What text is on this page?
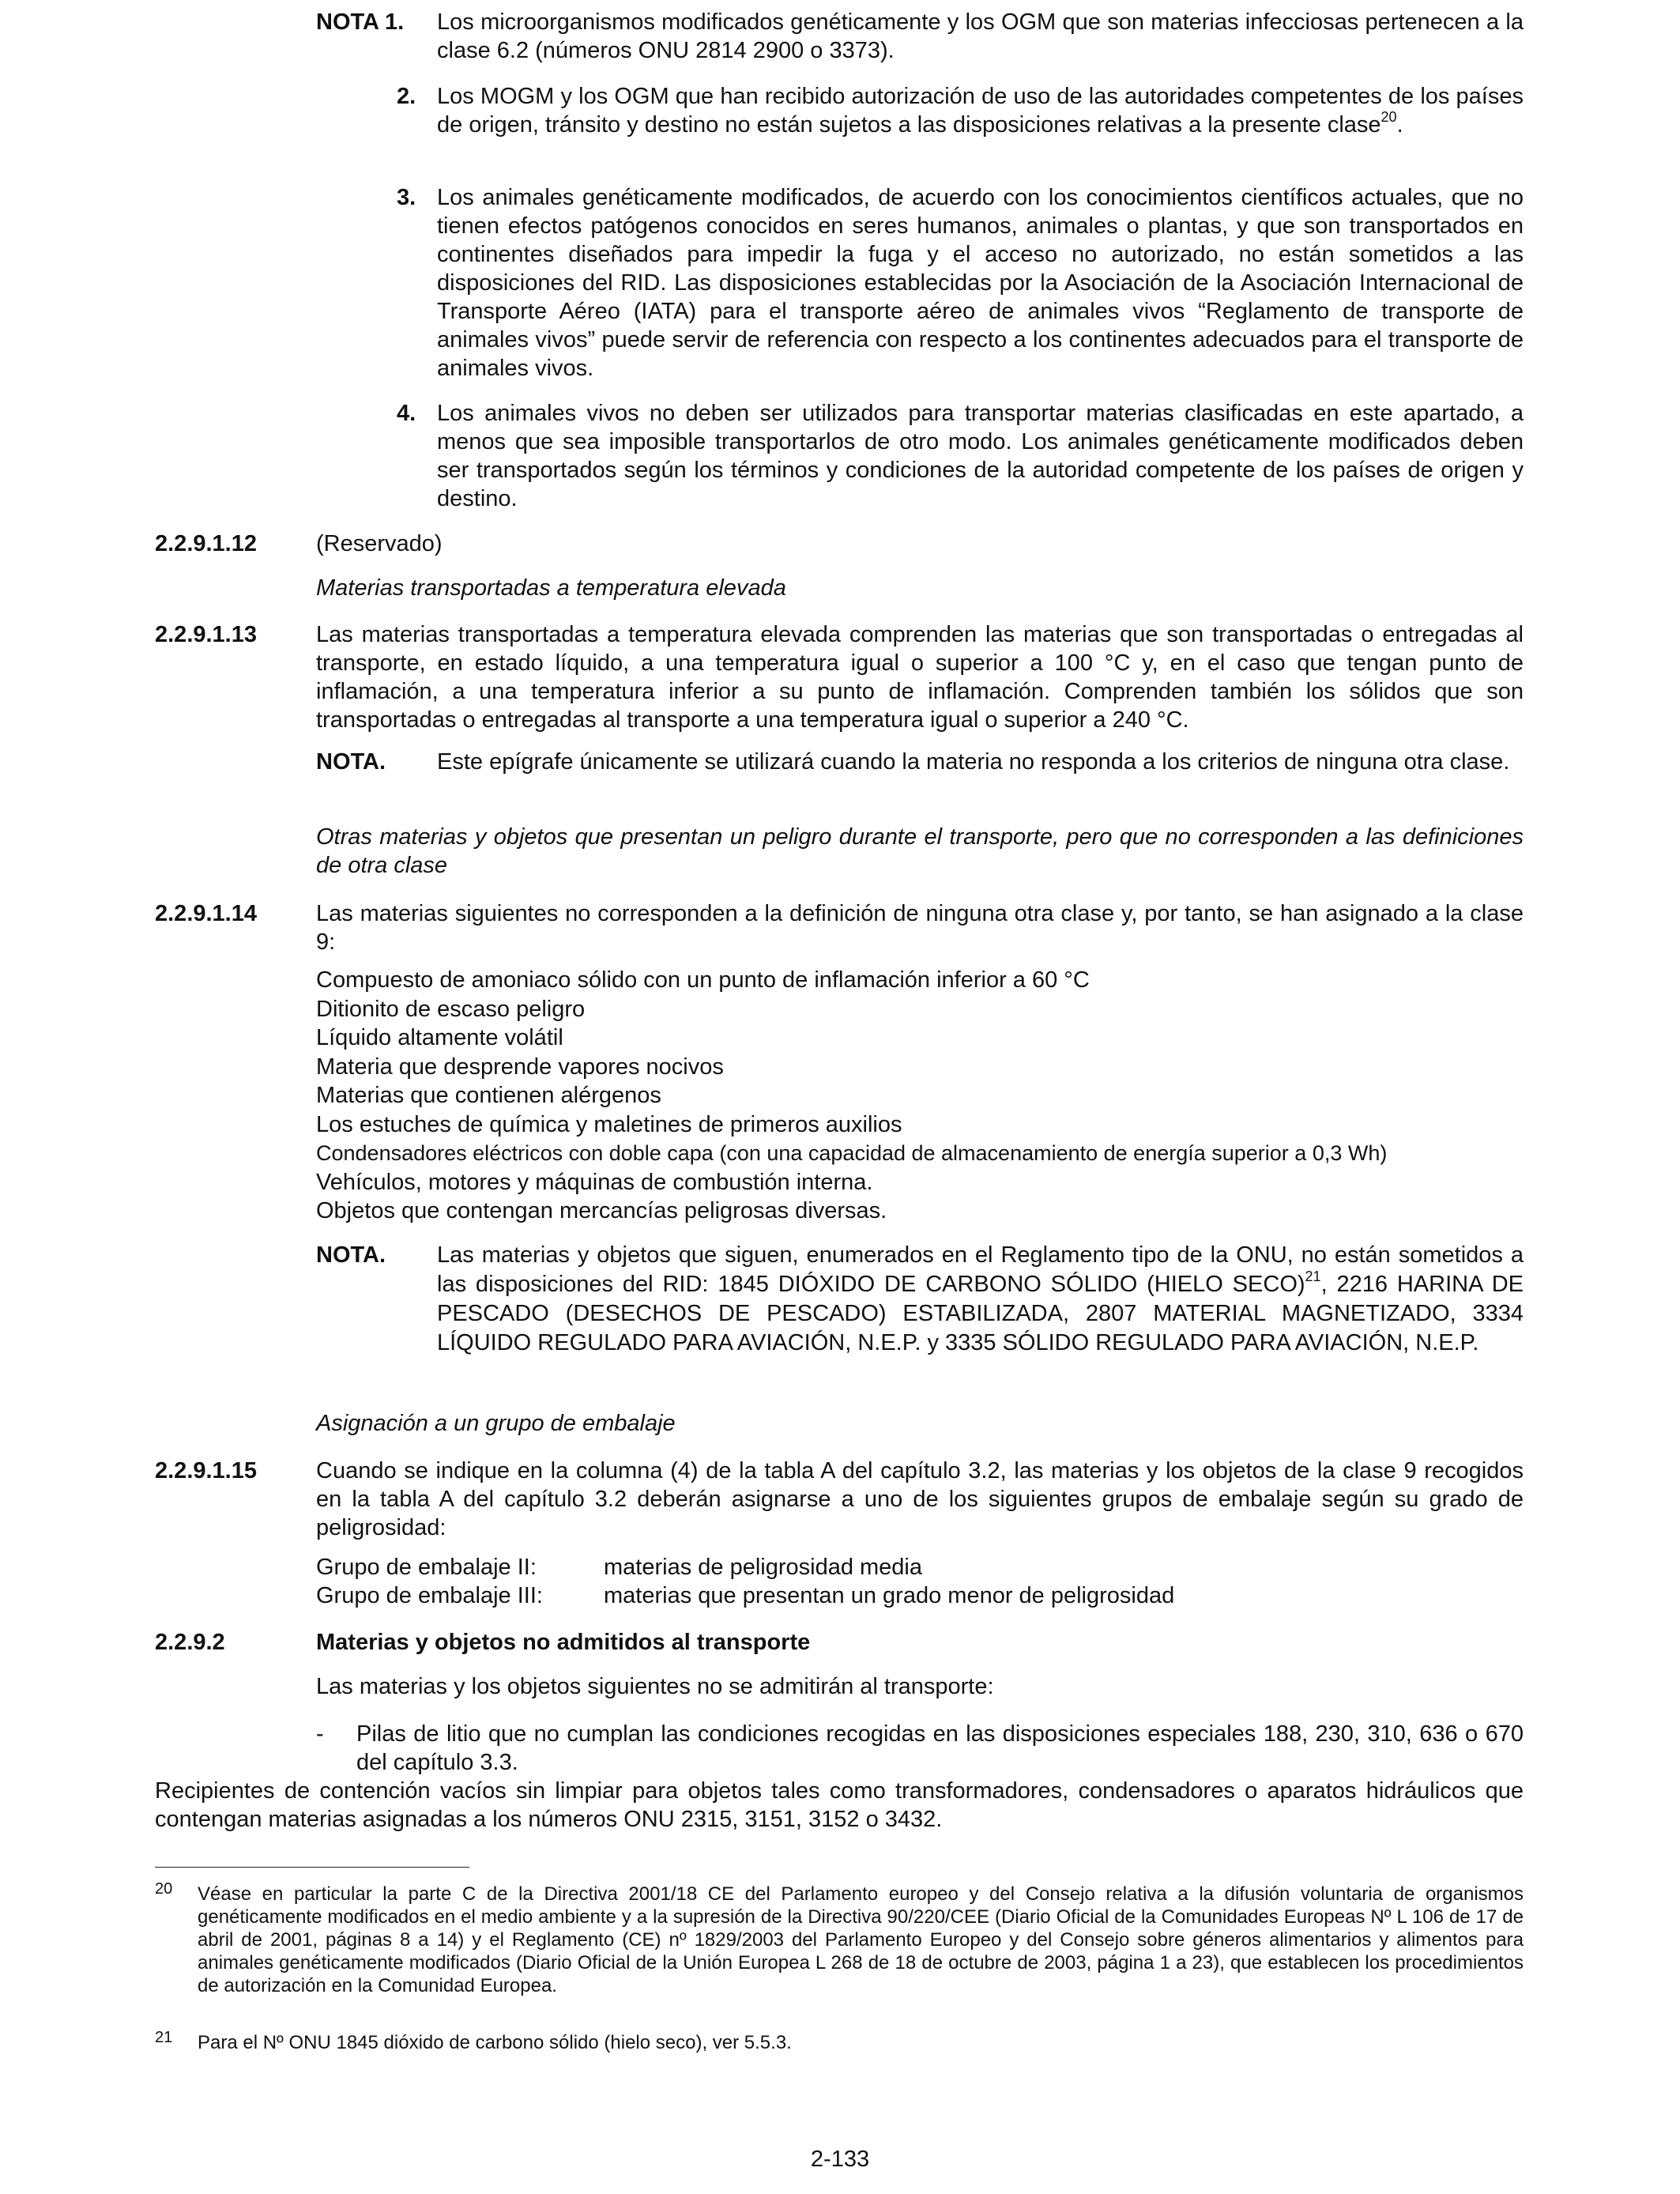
NOTA 1. Los microorganismos modificados genéticamente y los OGM que son materias infecciosas pertenecen a la clase 6.2 (números ONU 2814 2900 o 3373).
2. Los MOGM y los OGM que han recibido autorización de uso de las autoridades competentes de los países de origen, tránsito y destino no están sujetos a las disposiciones relativas a la presente clase$^{20}$.
3. Los animales genéticamente modificados, de acuerdo con los conocimientos científicos actuales, que no tienen efectos patógenos conocidos en seres humanos, animales o plantas, y que son transportados en continentes diseñados para impedir la fuga y el acceso no autorizado, no están sometidos a las disposiciones del RID. Las disposiciones establecidas por la Asociación de la Asociación Internacional de Transporte Aéreo (IATA) para el transporte aéreo de animales vivos “Reglamento de transporte de animales vivos” puede servir de referencia con respecto a los continentes adecuados para el transporte de animales vivos.
4. Los animales vivos no deben ser utilizados para transportar materias clasificadas en este apartado, a menos que sea imposible transportarlos de otro modo. Los animales genéticamente modificados deben ser transportados según los términos y condiciones de la autoridad competente de los países de origen y destino.
2.2.9.1.12	(Reservado)
Materias transportadas a temperatura elevada
2.2.9.1.13	Las materias transportadas a temperatura elevada comprenden las materias que son transportadas o entregadas al transporte, en estado líquido, a una temperatura igual o superior a 100 °C y, en el caso que tengan punto de inflamación, a una temperatura inferior a su punto de inflamación. Comprenden también los sólidos que son transportadas o entregadas al transporte a una temperatura igual o superior a 240 °C.
NOTA. Este epígrafe únicamente se utilizará cuando la materia no responda a los criterios de ninguna otra clase.
Otras materias y objetos que presentan un peligro durante el transporte, pero que no corresponden a las definiciones de otra clase
2.2.9.1.14	Las materias siguientes no corresponden a la definición de ninguna otra clase y, por tanto, se han asignado a la clase 9:
Compuesto de amoniaco sólido con un punto de inflamación inferior a 60 °C
Ditionito de escaso peligro
Líquido altamente volátil
Materia que desprende vapores nocivos
Materias que contienen alérgenos
Los estuches de química y maletines de primeros auxilios
Condensadores eléctricos con doble capa (con una capacidad de almacenamiento de energía superior a 0,3 Wh)
Vehículos, motores y máquinas de combustión interna.
Objetos que contengan mercancías peligrosas diversas.
NOTA. Las materias y objetos que siguen, enumerados en el Reglamento tipo de la ONU, no están sometidos a las disposiciones del RID: 1845 DIÓXIDO DE CARBONO SÓLIDO (HIELO SECO)$^{21}$, 2216 HARINA DE PESCADO (DESECHOS DE PESCADO) ESTABILIZADA, 2807 MATERIAL MAGNETIZADO, 3334 LÍQUIDO REGULADO PARA AVIACIÓN, N.E.P. y 3335 SÓLIDO REGULADO PARA AVIACIÓN, N.E.P.
Asignación a un grupo de embalaje
2.2.9.1.15	Cuando se indique en la columna (4) de la tabla A del capítulo 3.2, las materias y los objetos de la clase 9 recogidos en la tabla A del capítulo 3.2 deberán asignarse a uno de los siguientes grupos de embalaje según su grado de peligrosidad:
Grupo de embalaje II:	materias de peligrosidad media
Grupo de embalaje III:	materias que presentan un grado menor de peligrosidad
2.2.9.2	Materias y objetos no admitidos al transporte
Las materias y los objetos siguientes no se admitirán al transporte:
- Pilas de litio que no cumplan las condiciones recogidas en las disposiciones especiales 188, 230, 310, 636 o 670 del capítulo 3.3.
Recipientes de contención vacíos sin limpiar para objetos tales como transformadores, condensadores o aparatos hidráulicos que contengan materias asignadas a los números ONU 2315, 3151, 3152 o 3432.
20 Véase en particular la parte C de la Directiva 2001/18 CE del Parlamento europeo y del Consejo relativa a la difusión voluntaria de organismos genéticamente modificados en el medio ambiente y a la supresión de la Directiva 90/220/CEE (Diario Oficial de la Comunidades Europeas Nº L 106 de 17 de abril de 2001, páginas 8 a 14) y el Reglamento (CE) nº 1829/2003 del Parlamento Europeo y del Consejo sobre géneros alimentarios y alimentos para animales genéticamente modificados (Diario Oficial de la Unión Europea L 268 de 18 de octubre de 2003, página 1 a 23), que establecen los procedimientos de autorización en la Comunidad Europea.
21 Para el Nº ONU 1845 dióxido de carbono sólido (hielo seco), ver 5.5.3.
2-133
